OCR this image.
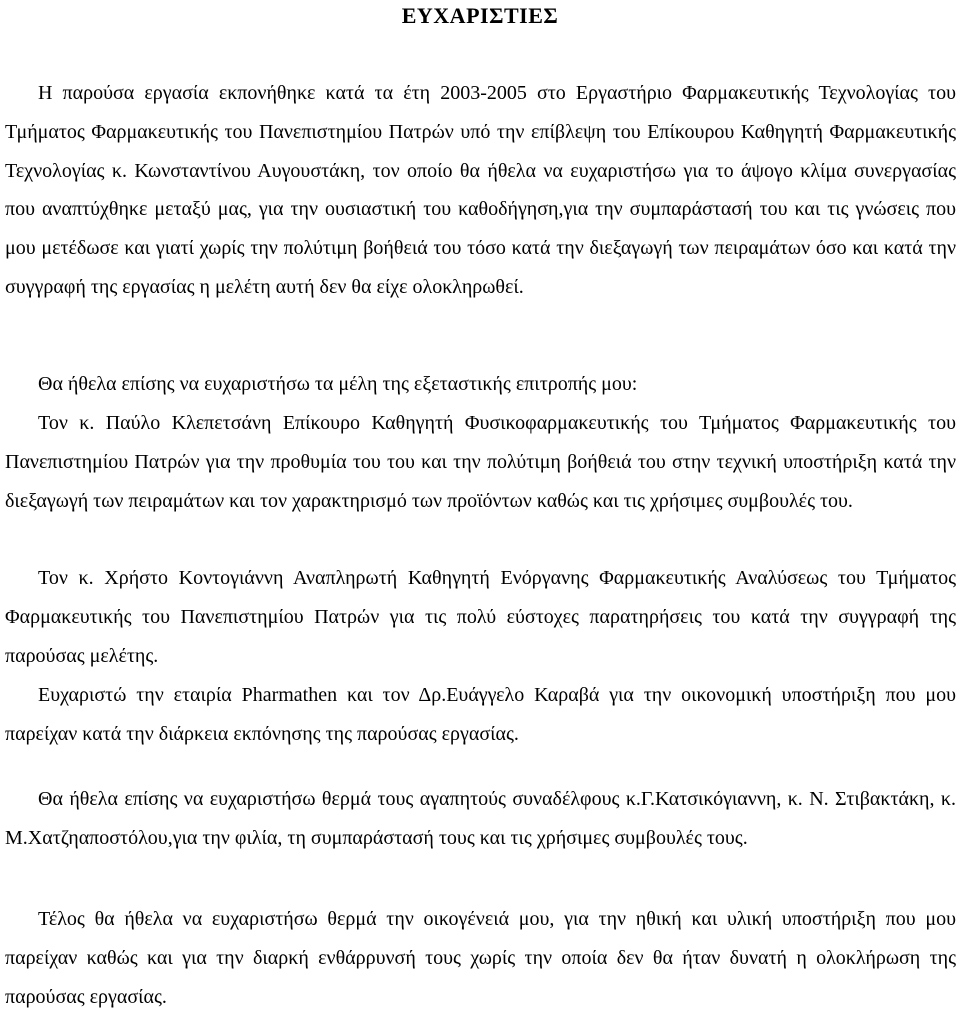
ΕΥΧΑΡΙΣΤΙΕΣ

Η παρούσα εργασία εκπονήθηκε κατά τα έτη 2003-2005 στο Εργαστήριο Φαρμακευτικής Τεχνολογίας του Τμήματος Φαρμακευτικής του Πανεπιστημίου Πατρών υπό την επίβλεψη του Επίκουρου Καθηγητή Φαρμακευτικής Τεχνολογίας κ. Κωνσταντίνου Αυγουστάκη, τον οποίο θα ήθελα να ευχαριστήσω για το άψογο κλίμα συνεργασίας που αναπτύχθηκε μεταξύ μας, για την ουσιαστική του καθοδήγηση,για την συμπαράστασή του και τις γνώσεις που μου μετέδωσε και γιατί χωρίς την πολύτιμη βοήθειά του τόσο κατά την διεξαγωγή των πειραμάτων όσο και κατά την συγγραφή της εργασίας η μελέτη αυτή δεν θα είχε ολοκληρωθεί.

Θα ήθελα επίσης να ευχαριστήσω τα μέλη της εξεταστικής επιτροπής μου:

Τον κ. Παύλο Κλεπετσάνη Επίκουρο Καθηγητή Φυσικοφαρμακευτικής του Τμήματος Φαρμακευτικής του Πανεπιστημίου Πατρών για την προθυμία του του και την πολύτιμη βοήθειά του στην τεχνική υποστήριξη κατά την διεξαγωγή των πειραμάτων και τον χαρακτηρισμό των προϊόντων καθώς και τις χρήσιμες συμβουλές του.

Τον κ. Χρήστο Κοντογιάννη Αναπληρωτή Καθηγητή Ενόργανης Φαρμακευτικής Αναλύσεως του Τμήματος Φαρμακευτικής του Πανεπιστημίου Πατρών για τις πολύ εύστοχες παρατηρήσεις του κατά την συγγραφή της παρούσας μελέτης.

Ευχαριστώ την εταιρία Pharmathen και τον Δρ.Ευάγγελο Καραβά για την οικονομική υποστήριξη που μου παρείχαν κατά την διάρκεια εκπόνησης της παρούσας εργασίας.

Θα ήθελα επίσης να ευχαριστήσω θερμά τους αγαπητούς συναδέλφους κ.Γ.Κατσικόγιαννη, κ. Ν. Στιβακτάκη, κ. Μ.Χατζηαποστόλου,για την φιλία, τη συμπαράστασή τους και τις χρήσιμες συμβουλές τους.

Τέλος θα ήθελα να ευχαριστήσω θερμά την οικογένειά μου, για την ηθική και υλική υποστήριξη που μου παρείχαν καθώς και για την διαρκή ενθάρρυνσή τους χωρίς την οποία δεν θα ήταν δυνατή η ολοκλήρωση της παρούσας εργασίας.
